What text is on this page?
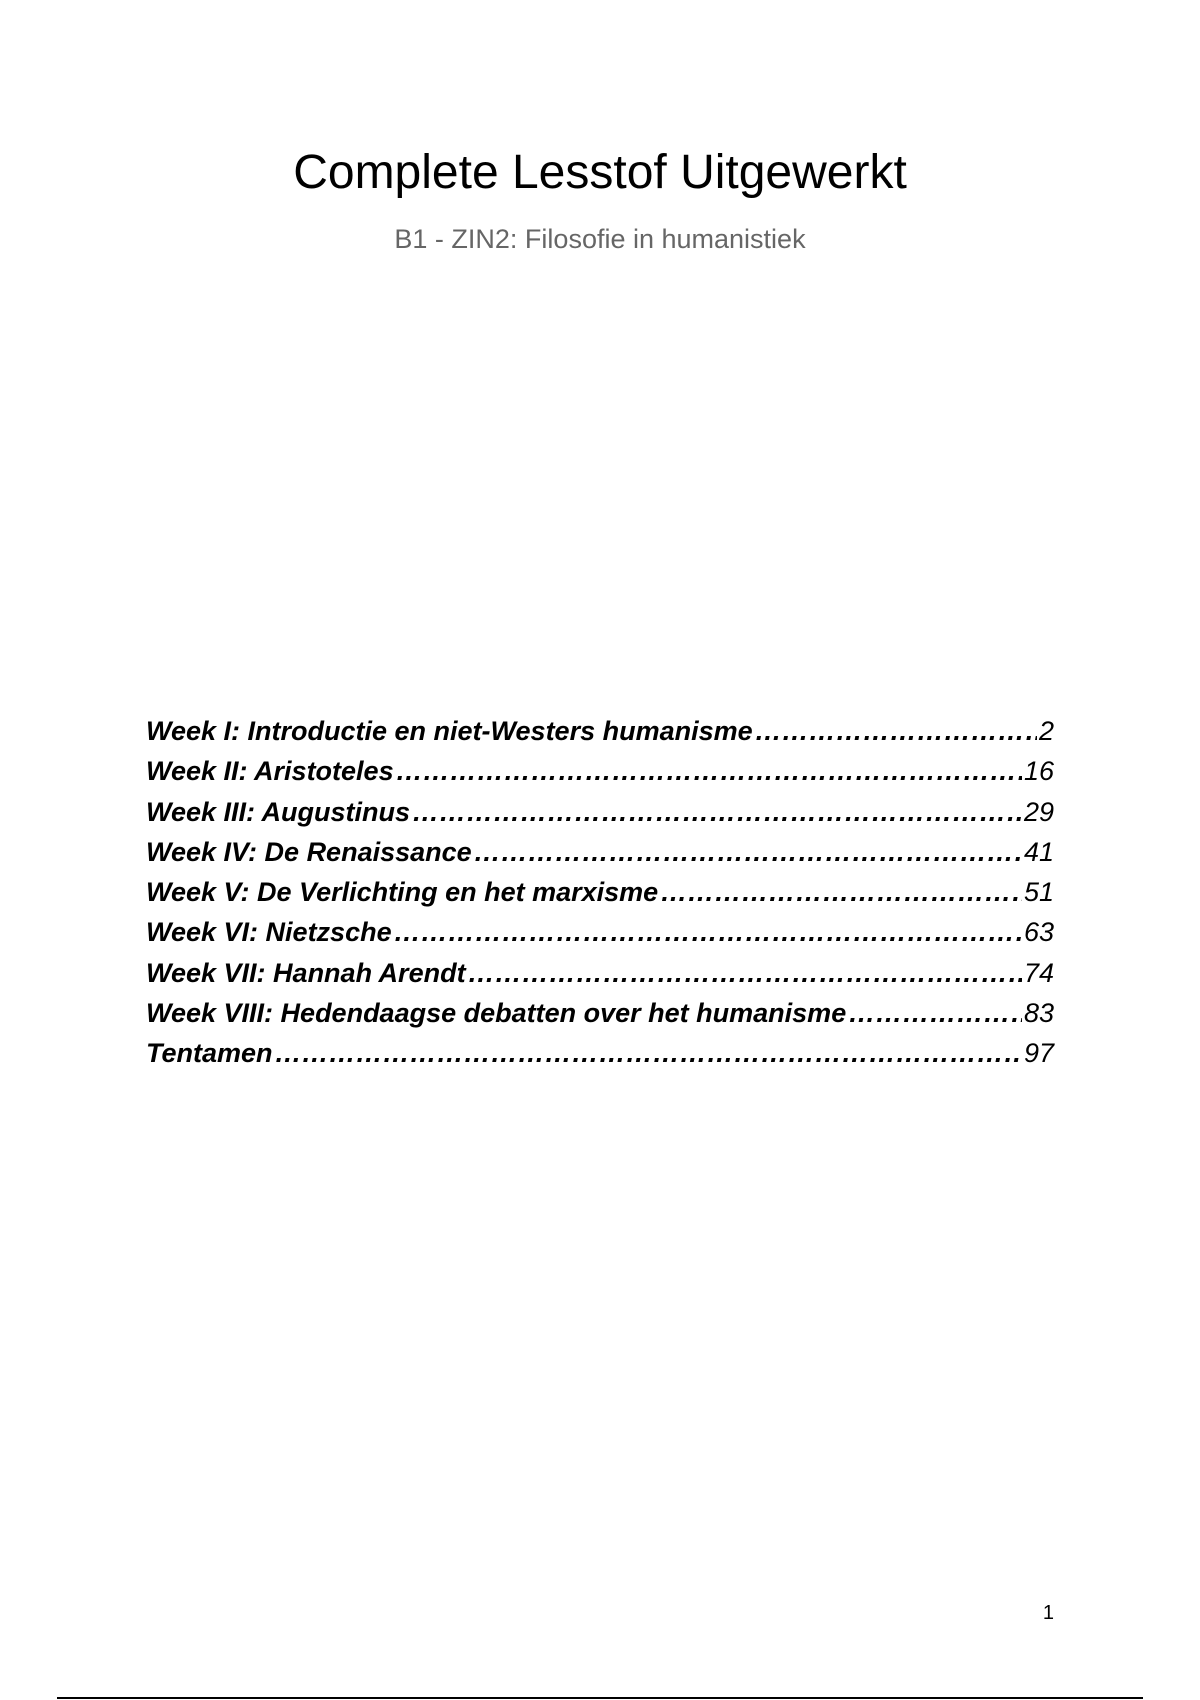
Complete Lesstof Uitgewerkt
B1 - ZIN2: Filosofie in humanistiek
Week I: Introductie en niet-Westers humanisme ……………………………………………………………………………………………………………………………………	2
Week II: Aristoteles ……………………………………………………………………………………………………………………………………	16
Week III: Augustinus ……………………………………………………………………………………………………………………………………	29
Week IV: De Renaissance ……………………………………………………………………………………………………………………………………	41
Week V: De Verlichting en het marxisme ……………………………………………………………………………………………………………………………………	51
Week VI: Nietzsche ……………………………………………………………………………………………………………………………………	63
Week VII: Hannah Arendt ……………………………………………………………………………………………………………………………………	74
Week VIII: Hedendaagse debatten over het humanisme ……………………………………………………………………………………………………………………………………	83
Tentamen ……………………………………………………………………………………………………………………………………	97
1
